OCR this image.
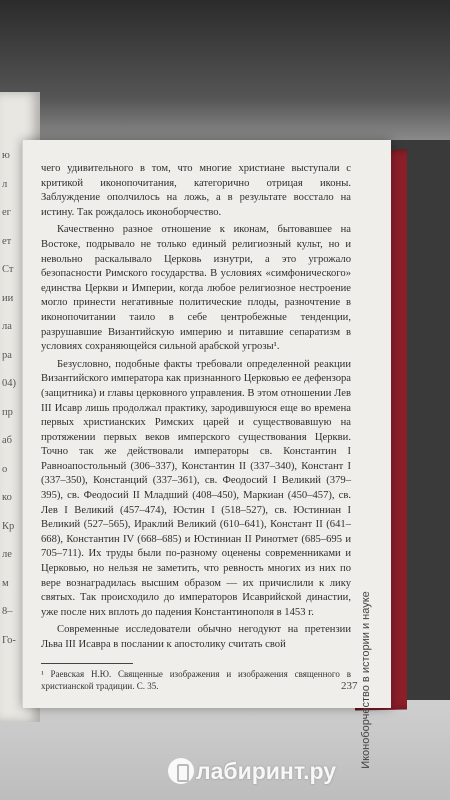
ю
л
ег
ет
Ст
ии
ла
ра
04)
пр
аб
о
ко
Кр
ле
м
8–
Го-

чего удивительного в том, что многие христиане выступали с критикой иконопочитания, категорично отрицая иконы. Заблуждение ополчилось на ложь, а в результате восстало на истину. Так рождалось иконоборчество.

Качественно разное отношение к иконам, бытовавшее на Востоке, подрывало не только единый религиозный культ, но и невольно раскалывало Церковь изнутри, а это угрожало безопасности Римского государства. В условиях «симфонического» единства Церкви и Империи, когда любое религиозное нестроение могло принести негативные политические плоды, разночтение в иконопочитании таило в себе центробежные тенденции, разрушавшие Византийскую империю и питавшие сепаратизм в условиях сохраняющейся сильной арабской угрозы¹.

Безусловно, подобные факты требовали определенной реакции Византийского императора как признанного Церковью ее дефензора (защитника) и главы церковного управления. В этом отношении Лев III Исавр лишь продолжал практику, зародившуюся еще во времена первых христианских Римских царей и существовавшую на протяжении первых веков имперского существования Церкви. Точно так же действовали императоры св. Константин I Равноапостольный (306–337), Константин II (337–340), Констант I (337–350), Констанций (337–361), св. Феодосий I Великий (379–395), св. Феодосий II Младший (408–450), Маркиан (450–457), св. Лев I Великий (457–474), Юстин I (518–527), св. Юстиниан I Великий (527–565), Ираклий Великий (610–641), Констант II (641–668), Константин IV (668–685) и Юстиниан II Ринотмет (685–695 и 705–711). Их труды были по-разному оценены современниками и Церковью, но нельзя не заметить, что ревность многих из них по вере вознаградилась высшим образом — их причислили к лику святых. Так происходило до императоров Исаврийской династии, уже после них вплоть до падения Константинополя в 1453 г.

Современные исследователи обычно негодуют на претензии Льва III Исавра в послании к апостолику считать свой

¹ Раевская Н.Ю. Священные изображения и изображения священного в христианской традиции. С. 35.	Иконоборчество в истории и науке
237
лабиринт.ру
